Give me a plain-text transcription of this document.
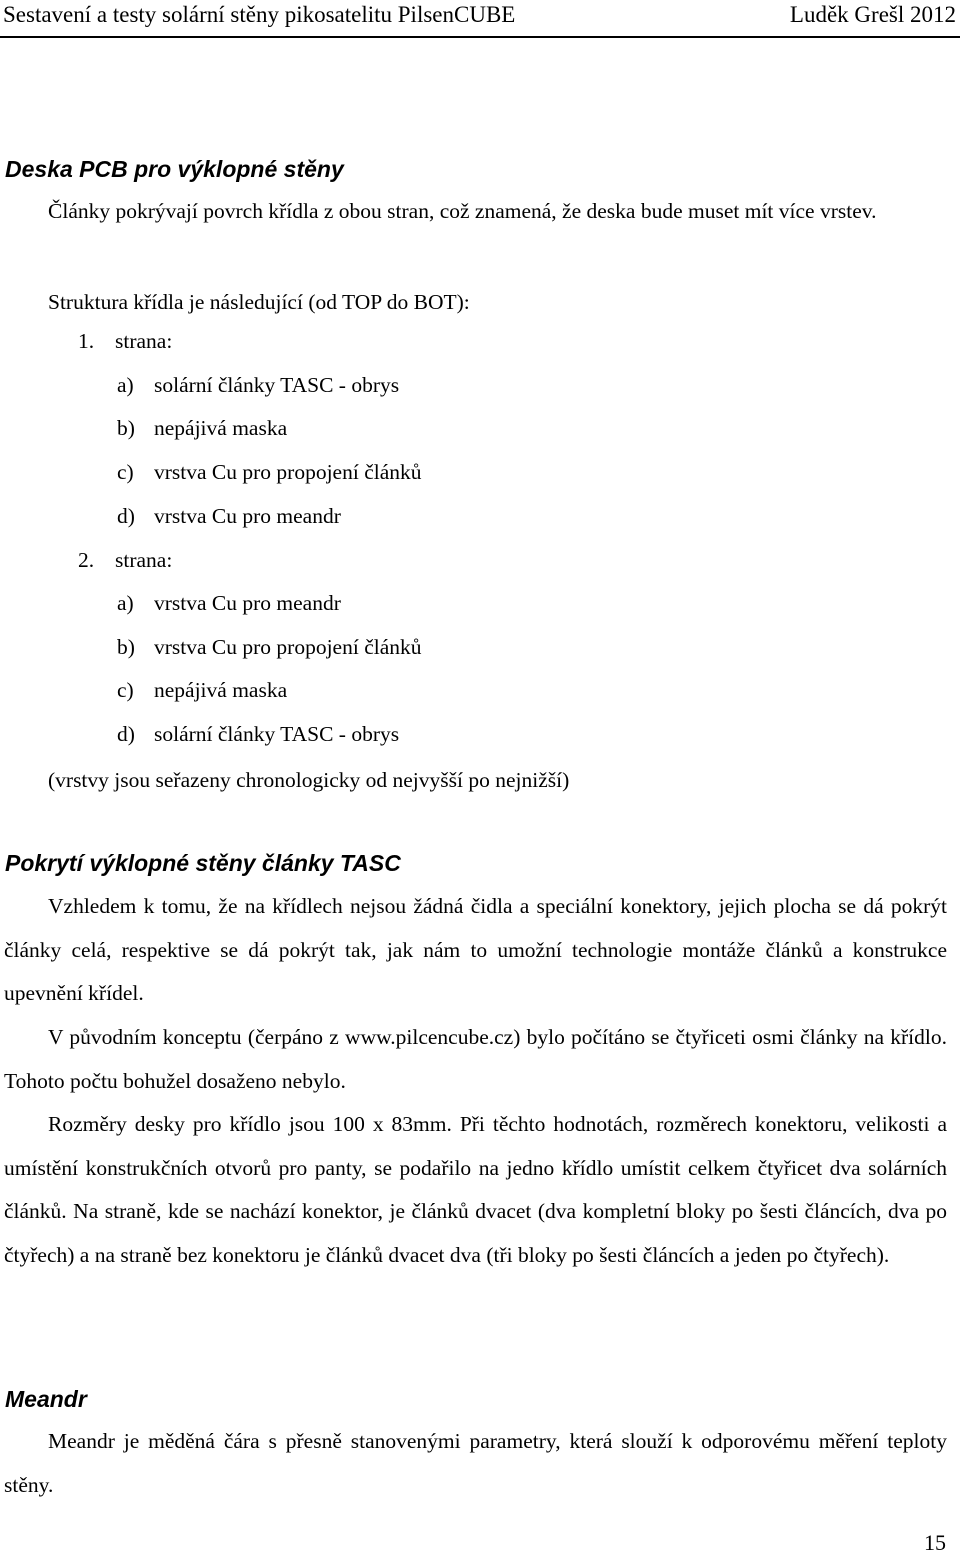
Sestavení a testy solární stěny pikosatelitu PilsenCUBE	Luděk Grešl 2012
Deska PCB pro výklopné stěny
Články pokrývají povrch křídla z obou stran, což znamená, že deska bude muset mít více vrstev.
Struktura křídla je následující (od TOP do BOT):
1. strana:
a) solární články TASC - obrys
b) nepájivá maska
c) vrstva Cu pro propojení článků
d) vrstva Cu pro meandr
2. strana:
a) vrstva Cu pro meandr
b) vrstva Cu pro propojení článků
c) nepájivá maska
d) solární články TASC - obrys
(vrstvy jsou seřazeny chronologicky od nejvyšší po nejnižší)
Pokrytí výklopné stěny články TASC
Vzhledem k tomu, že na křídlech nejsou žádná čidla a speciální konektory, jejich plocha se dá pokrýt články celá, respektive se dá pokrýt tak, jak nám to umožní technologie montáže článků a konstrukce upevnění křídel.
V původním konceptu (čerpáno z www.pilcencube.cz) bylo počítáno se čtyřiceti osmi články na křídlo. Tohoto počtu bohužel dosaženo nebylo.
Rozměry desky pro křídlo jsou 100 x 83mm. Při těchto hodnotách, rozměrech konektoru, velikosti a umístění konstrukčních otvorů pro panty, se podařilo na jedno křídlo umístit celkem čtyřicet dva solárních článků. Na straně, kde se nachází konektor, je článků dvacet (dva kompletní bloky po šesti článcích, dva po čtyřech) a na straně bez konektoru je článků dvacet dva (tři bloky po šesti článcích a jeden po čtyřech).
Meandr
Meandr je měděná čára s přesně stanovenými parametry, která slouží k odporovému měření teploty stěny.
15
